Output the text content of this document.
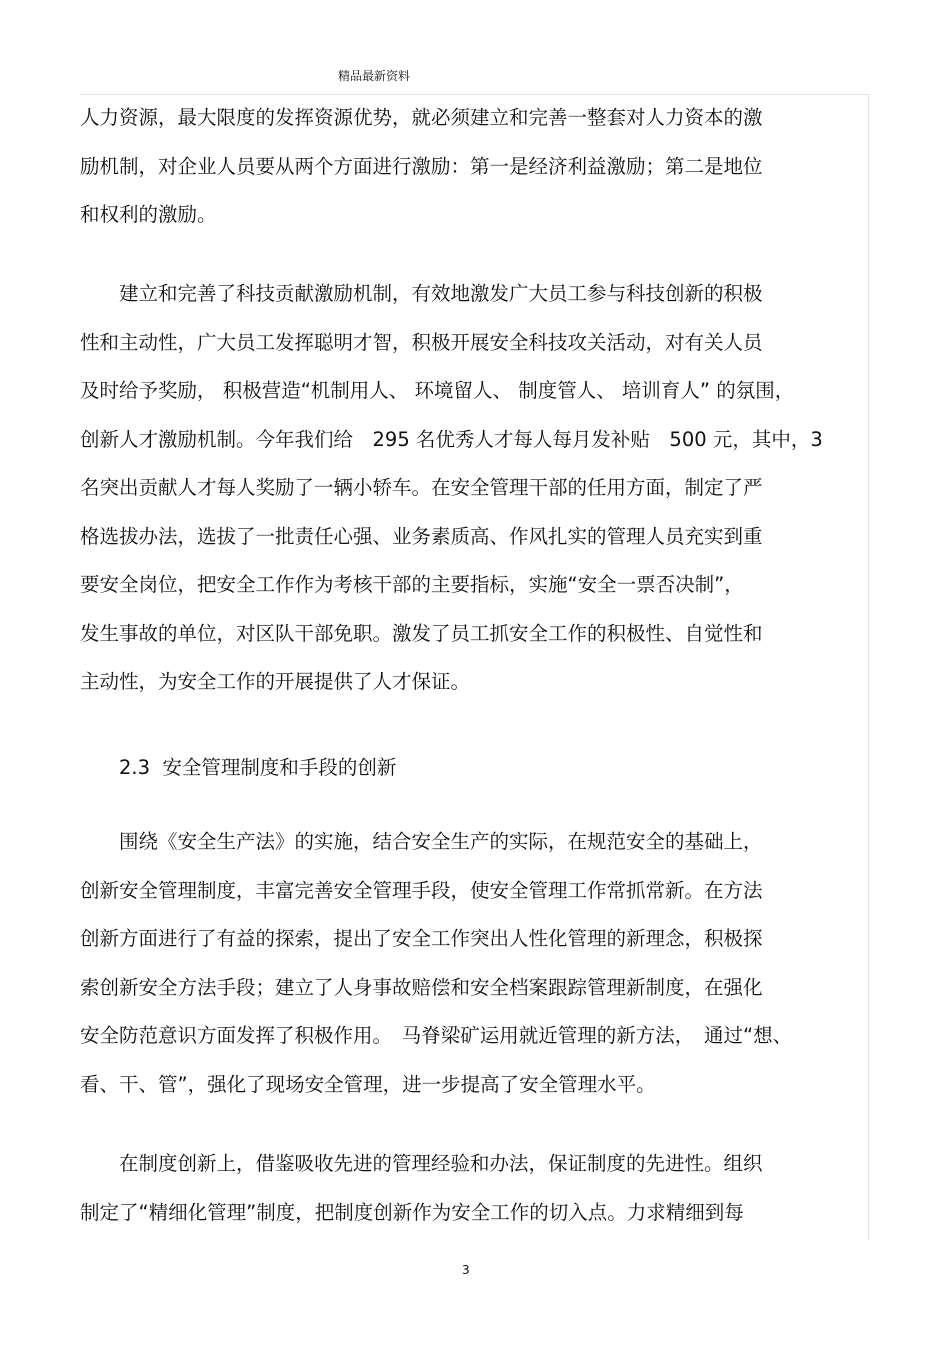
精品最新资料
人力资源，最大限度的发挥资源优势，就必须建立和完善一整套对人力资本的激
励机制，对企业人员要从两个方面进行激励：第一是经济利益激励；第二是地位
和权利的激励。
　　建立和完善了科技贡献激励机制，有效地激发广大员工参与科技创新的积极
性和主动性，广大员工发挥聪明才智，积极开展安全科技攻关活动，对有关人员
及时给予奖励， 积极营造“机制用人、 环境留人、 制度管人、 培训育人” 的氛围，
创新人才激励机制。今年我们给　295 名优秀人才每人每月发补贴　500 元，其中，3
名突出贡献人才每人奖励了一辆小轿车。在安全管理干部的任用方面，制定了严
格选拔办法，选拔了一批责任心强、业务素质高、作风扎实的管理人员充实到重
要安全岗位，把安全工作作为考核干部的主要指标，实施“安全一票否决制”，
发生事故的单位，对区队干部免职。激发了员工抓安全工作的积极性、自觉性和
主动性，为安全工作的开展提供了人才保证。
　　2.3  安全管理制度和手段的创新
　　围绕《安全生产法》的实施，结合安全生产的实际，在规范安全的基础上，
创新安全管理制度，丰富完善安全管理手段，使安全管理工作常抓常新。在方法
创新方面进行了有益的探索，提出了安全工作突出人性化管理的新理念，积极探
索创新安全方法手段；建立了人身事故赔偿和安全档案跟踪管理新制度，在强化
安全防范意识方面发挥了积极作用。　马脊梁矿运用就近管理的新方法，　通过“想、
看、干、管”，强化了现场安全管理，进一步提高了安全管理水平。
　　在制度创新上，借鉴吸收先进的管理经验和办法，保证制度的先进性。组织
制定了“精细化管理”制度，把制度创新作为安全工作的切入点。力求精细到每
3
